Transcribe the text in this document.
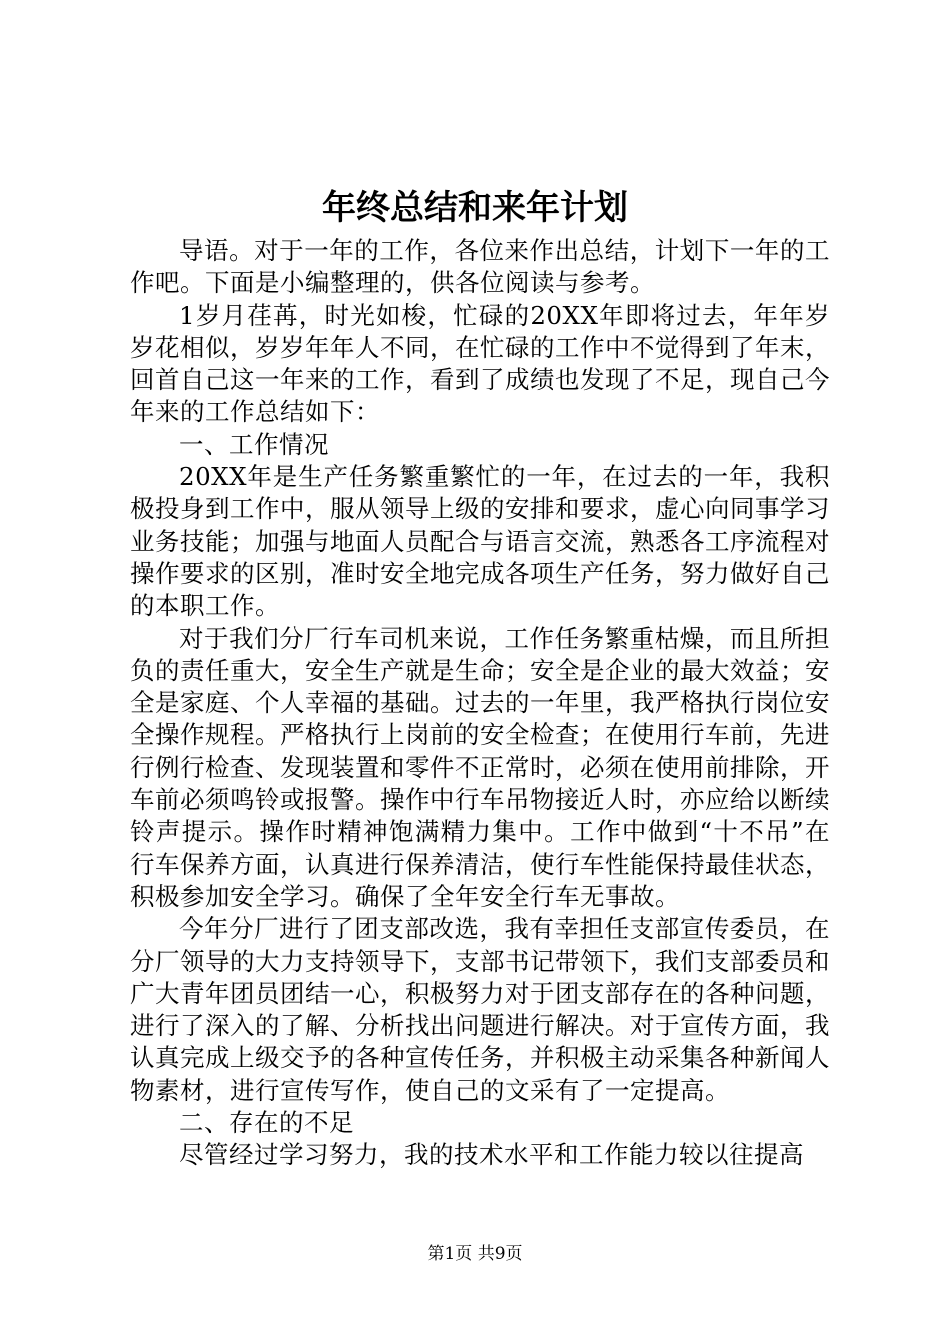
年终总结和来年计划

导语。对于一年的工作，各位来作出总结，计划下一年的工作吧。下面是小编整理的，供各位阅读与参考。

1岁月荏苒，时光如梭，忙碌的20XX年即将过去，年年岁岁花相似，岁岁年年人不同，在忙碌的工作中不觉得到了年末，回首自己这一年来的工作，看到了成绩也发现了不足，现自己今年来的工作总结如下：

一、工作情况

20XX年是生产任务繁重繁忙的一年，在过去的一年，我积极投身到工作中，服从领导上级的安排和要求，虚心向同事学习业务技能；加强与地面人员配合与语言交流，熟悉各工序流程对操作要求的区别，准时安全地完成各项生产任务，努力做好自己的本职工作。

对于我们分厂行车司机来说，工作任务繁重枯燥，而且所担负的责任重大，安全生产就是生命；安全是企业的最大效益；安全是家庭、个人幸福的基础。过去的一年里，我严格执行岗位安全操作规程。严格执行上岗前的安全检查；在使用行车前，先进行例行检查、发现装置和零件不正常时，必须在使用前排除，开车前必须鸣铃或报警。操作中行车吊物接近人时，亦应给以断续铃声提示。操作时精神饱满精力集中。工作中做到“十不吊”在行车保养方面，认真进行保养清洁，使行车性能保持最佳状态，积极参加安全学习。确保了全年安全行车无事故。

今年分厂进行了团支部改选，我有幸担任支部宣传委员，在分厂领导的大力支持领导下，支部书记带领下，我们支部委员和广大青年团员团结一心，积极努力对于团支部存在的各种问题，进行了深入的了解、分析找出问题进行解决。对于宣传方面，我认真完成上级交予的各种宣传任务，并积极主动采集各种新闻人物素材，进行宣传写作，使自己的文采有了一定提高。

二、存在的不足

尽管经过学习努力，我的技术水平和工作能力较以往提高

第1页 共9页
